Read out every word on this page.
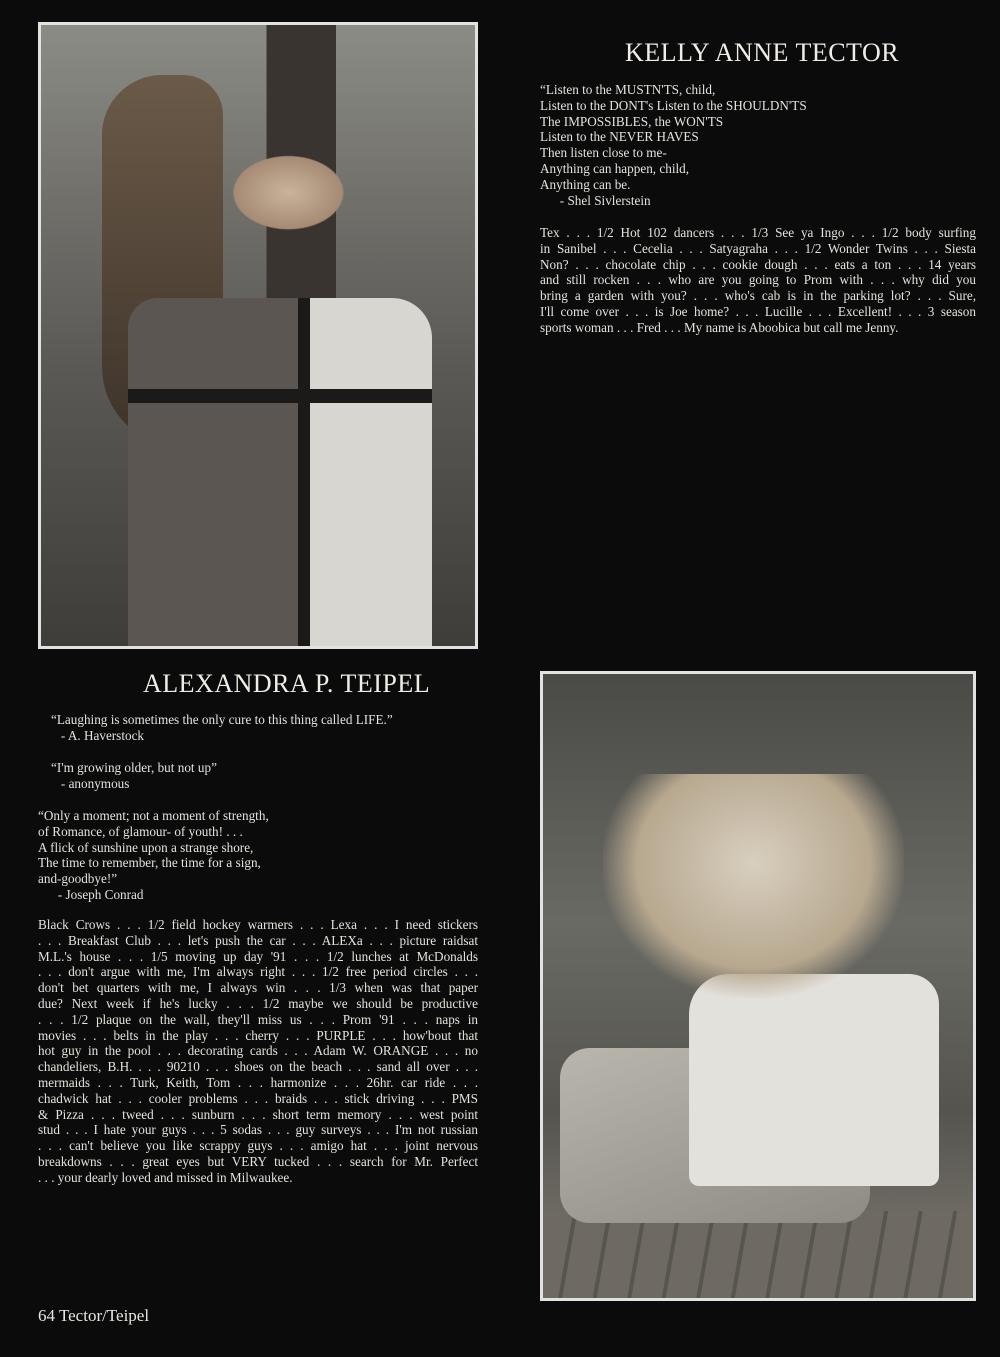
KELLY ANNE TECTOR
ALEXANDRA P. TEIPEL
“Listen to the MUSTN'TS, child,
Listen to the DONT's Listen to the SHOULDN'TS
The IMPOSSIBLES, the WON'TS
Listen to the NEVER HAVES
Then listen close to me-
Anything can happen, child,
Anything can be.
- Shel Sivlerstein
Tex . . . 1/2 Hot 102 dancers . . . 1/3 See ya Ingo . . . 1/2 body surfing
in Sanibel . . . Cecelia . . . Satyagraha . . . 1/2 Wonder Twins . . . Siesta
Non? . . . chocolate chip . . . cookie dough . . . eats a ton . . . 14 years
and still rocken . . . who are you going to Prom with . . . why did you
bring a garden with you? . . . who's cab is in the parking lot? . . . Sure,
I'll come over . . . is Joe home? . . . Lucille . . . Excellent! . . . 3 season
sports woman . . . Fred . . . My name is Aboobica but call me Jenny.
“Laughing is sometimes the only cure to this thing called LIFE.”
- A. Haverstock
“I'm growing older, but not up”
- anonymous
“Only a moment; not a moment of strength,
of Romance, of glamour- of youth! . . .
A flick of sunshine upon a strange shore,
The time to remember, the time for a sign,
and-goodbye!”
- Joseph Conrad
Black Crows . . . 1/2 field hockey warmers . . . Lexa . . . I need stickers
. . . Breakfast Club . . . let's push the car . . . ALEXa . . . picture raidsat
M.L.'s house . . . 1/5 moving up day '91 . . . 1/2 lunches at McDonalds
. . . don't argue with me, I'm always right . . . 1/2 free period circles . . .
don't bet quarters with me, I always win . . . 1/3 when was that paper
due? Next week if he's lucky . . . 1/2 maybe we should be productive
. . . 1/2 plaque on the wall, they'll miss us . . . Prom '91 . . . naps in
movies . . . belts in the play . . . cherry . . . PURPLE . . . how'bout that
hot guy in the pool . . . decorating cards . . . Adam W. ORANGE . . . no
chandeliers, B.H. . . . 90210 . . . shoes on the beach . . . sand all over . . .
mermaids . . . Turk, Keith, Tom . . . harmonize . . . 26hr. car ride . . .
chadwick hat . . . cooler problems . . . braids . . . stick driving . . . PMS
& Pizza . . . tweed . . . sunburn . . . short term memory . . . west point
stud . . . I hate your guys . . . 5 sodas . . . guy surveys . . . I'm not russian
. . . can't believe you like scrappy guys . . . amigo hat . . . joint nervous
breakdowns . . . great eyes but VERY tucked . . . search for Mr. Perfect
. . . your dearly loved and missed in Milwaukee.
64 Tector/Teipel
